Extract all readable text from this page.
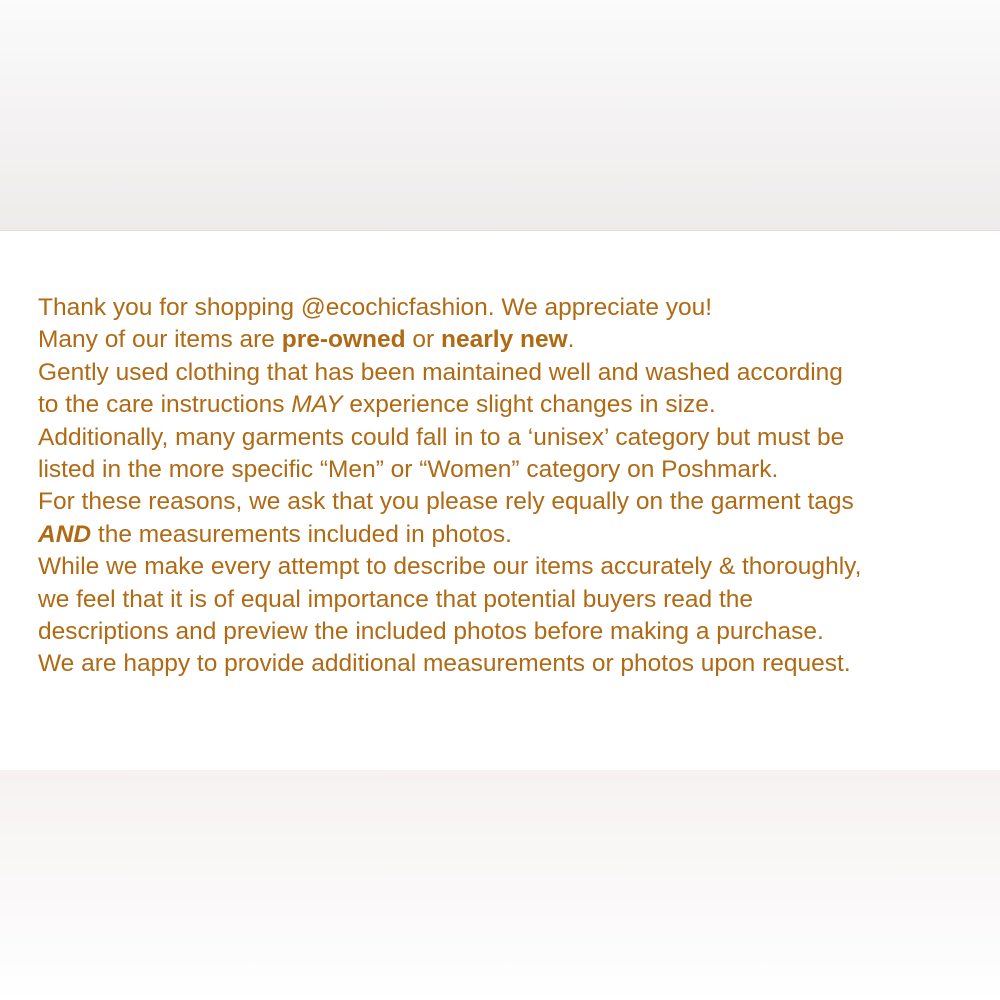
Thank you for shopping @ecochicfashion. We appreciate you!
Many of our items are pre-owned or nearly new.
Gently used clothing that has been maintained well and washed according
to the care instructions MAY experience slight changes in size.
Additionally, many garments could fall in to a ‘unisex’ category but must be
listed in the more specific “Men” or “Women” category on Poshmark.
For these reasons, we ask that you please rely equally on the garment tags
AND the measurements included in photos.
While we make every attempt to describe our items accurately & thoroughly,
we feel that it is of equal importance that potential buyers read the
descriptions and preview the included photos before making a purchase.
We are happy to provide additional measurements or photos upon request.
